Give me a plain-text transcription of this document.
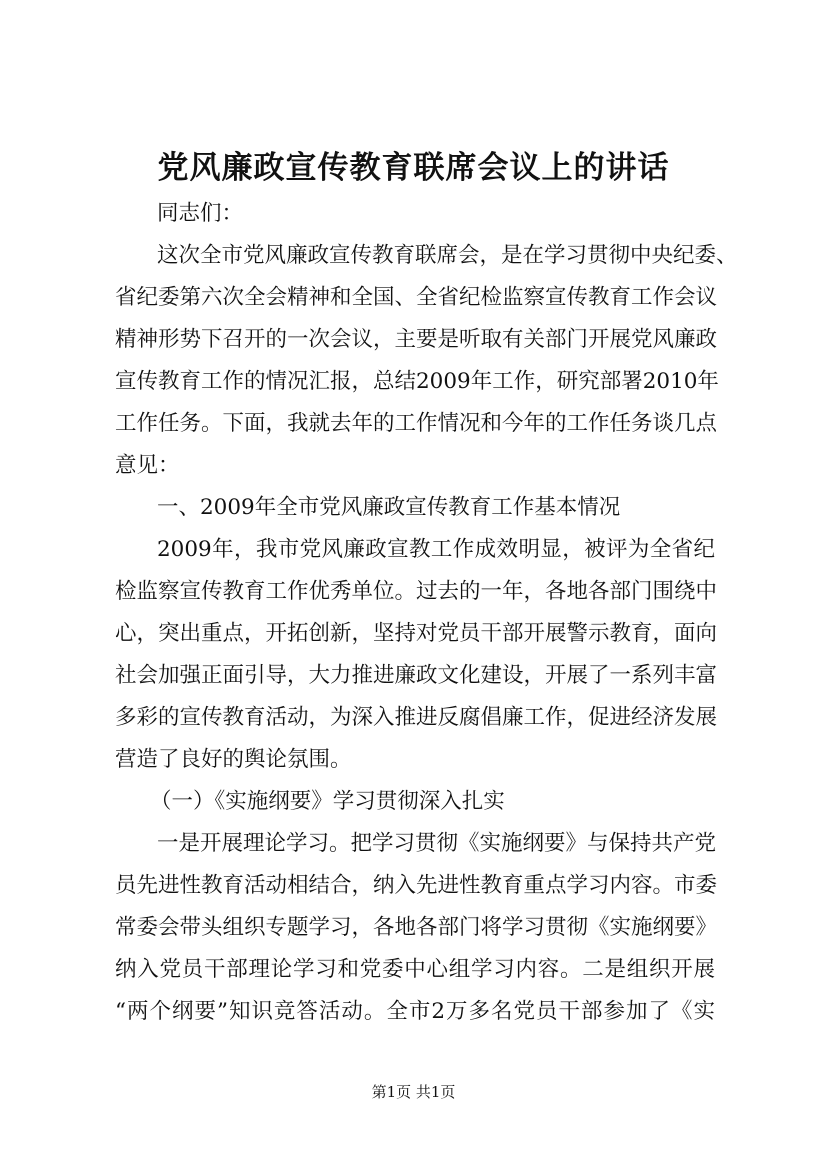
党风廉政宣传教育联席会议上的讲话

同志们：

这次全市党风廉政宣传教育联席会，是在学习贯彻中央纪委、

省纪委第六次全会精神和全国、全省纪检监察宣传教育工作会议

精神形势下召开的一次会议，主要是听取有关部门开展党风廉政

宣传教育工作的情况汇报，总结2009年工作，研究部署2010年

工作任务。下面，我就去年的工作情况和今年的工作任务谈几点

意见：

一、2009年全市党风廉政宣传教育工作基本情况

2009年，我市党风廉政宣教工作成效明显，被评为全省纪

检监察宣传教育工作优秀单位。过去的一年，各地各部门围绕中

心，突出重点，开拓创新，坚持对党员干部开展警示教育，面向

社会加强正面引导，大力推进廉政文化建设，开展了一系列丰富

多彩的宣传教育活动，为深入推进反腐倡廉工作，促进经济发展

营造了良好的舆论氛围。

（一）《实施纲要》学习贯彻深入扎实

一是开展理论学习。把学习贯彻《实施纲要》与保持共产党

员先进性教育活动相结合，纳入先进性教育重点学习内容。市委

常委会带头组织专题学习，各地各部门将学习贯彻《实施纲要》

纳入党员干部理论学习和党委中心组学习内容。二是组织开展

“两个纲要”知识竞答活动。全市2万多名党员干部参加了《实

第1页 共1页
